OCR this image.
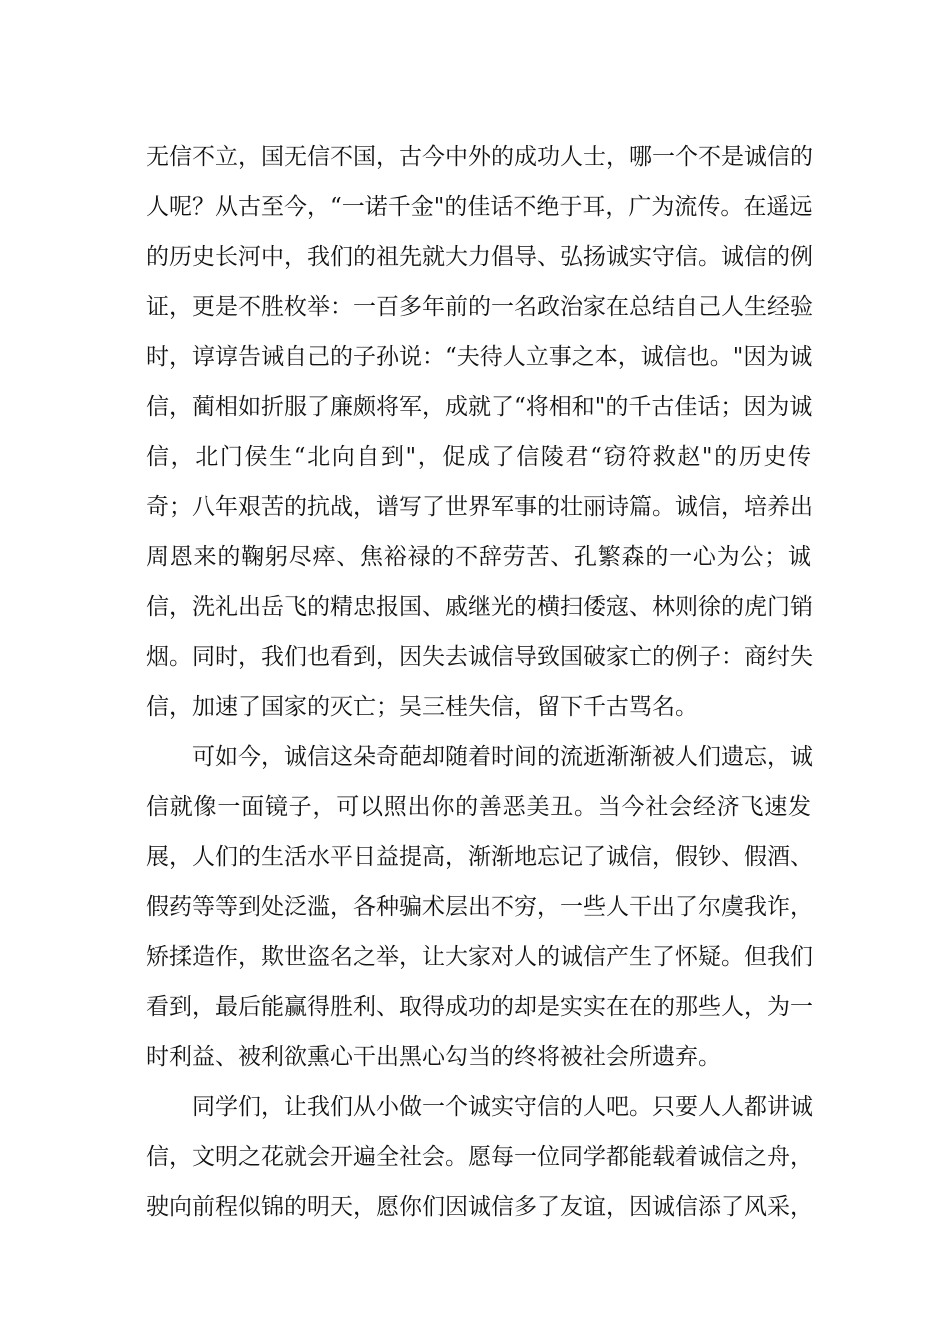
无信不立，国无信不国，古今中外的成功人士，哪一个不是诚信的
人呢？从古至今，“一诺千金"的佳话不绝于耳，广为流传。在遥远
的历史长河中，我们的祖先就大力倡导、弘扬诚实守信。诚信的例
证，更是不胜枚举：一百多年前的一名政治家在总结自己人生经验
时，谆谆告诫自己的子孙说：“夫待人立事之本，诚信也。"因为诚
信，蔺相如折服了廉颇将军，成就了“将相和"的千古佳话；因为诚
信，北门侯生“北向自到"，促成了信陵君“窃符救赵"的历史传
奇；八年艰苦的抗战，谱写了世界军事的壮丽诗篇。诚信，培养出
周恩来的鞠躬尽瘁、焦裕禄的不辞劳苦、孔繁森的一心为公；诚
信，洗礼出岳飞的精忠报国、戚继光的横扫倭寇、林则徐的虎门销
烟。同时，我们也看到，因失去诚信导致国破家亡的例子：商纣失
信，加速了国家的灭亡；吴三桂失信，留下千古骂名。
可如今，诚信这朵奇葩却随着时间的流逝渐渐被人们遗忘，诚
信就像一面镜子，可以照出你的善恶美丑。当今社会经济飞速发
展，人们的生活水平日益提高，渐渐地忘记了诚信，假钞、假酒、
假药等等到处泛滥，各种骗术层出不穷，一些人干出了尔虞我诈，
矫揉造作，欺世盗名之举，让大家对人的诚信产生了怀疑。但我们
看到，最后能赢得胜利、取得成功的却是实实在在的那些人，为一
时利益、被利欲熏心干出黑心勾当的终将被社会所遗弃。
同学们，让我们从小做一个诚实守信的人吧。只要人人都讲诚
信，文明之花就会开遍全社会。愿每一位同学都能载着诚信之舟，
驶向前程似锦的明天，愿你们因诚信多了友谊，因诚信添了风采，
